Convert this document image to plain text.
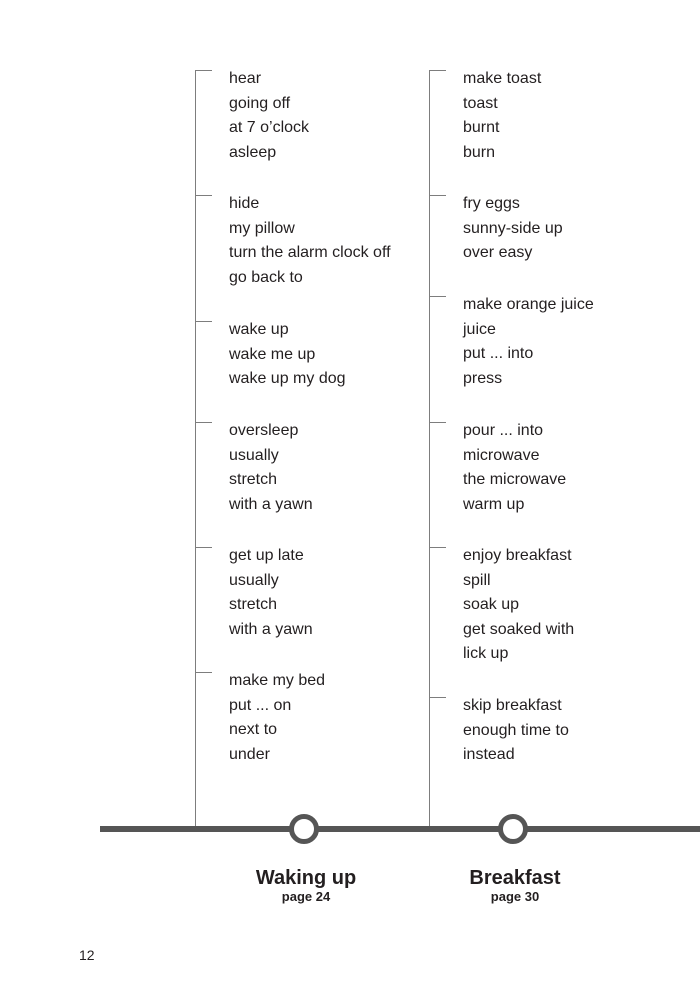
hear
going off
at 7 o’clock
asleep
hide
my pillow
turn the alarm clock off
go back to
wake up
wake me up
wake up my dog
oversleep
usually
stretch
with a yawn
get up late
usually
stretch
with a yawn
make my bed
put ... on
next to
under
make toast
toast
burnt
burn
fry eggs
sunny-side up
over easy
make orange juice
juice
put ... into
press
pour ... into
microwave
the microwave
warm up
enjoy breakfast
spill
soak up
get soaked with
lick up
skip breakfast
enough time to
instead
Waking up
page 24
Breakfast
page 30
12
